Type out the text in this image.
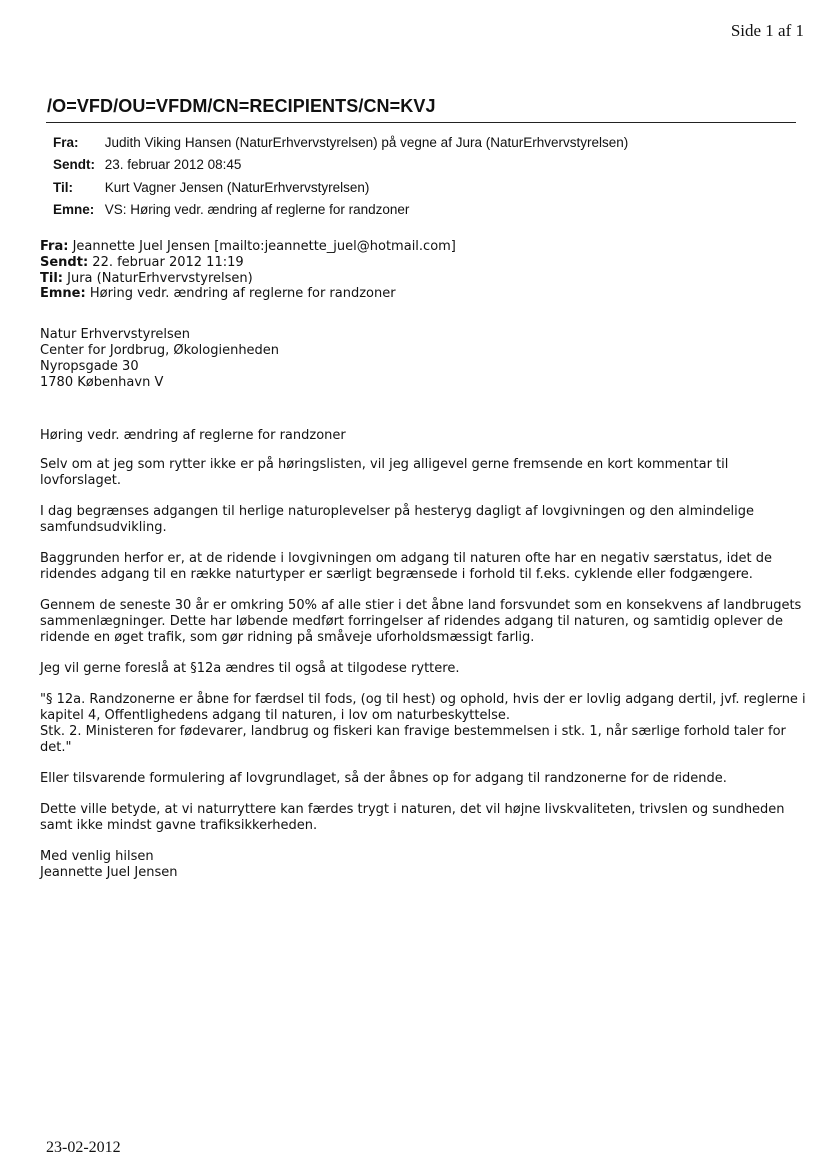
Side 1 af 1
/O=VFD/OU=VFDM/CN=RECIPIENTS/CN=KVJ
Fra: Judith Viking Hansen (NaturErhvervstyrelsen) på vegne af Jura (NaturErhvervstyrelsen)
Sendt: 23. februar 2012 08:45
Til: Kurt Vagner Jensen (NaturErhvervstyrelsen)
Emne: VS: Høring vedr. ændring af reglerne for randzoner
Fra: Jeannette Juel Jensen [mailto:jeannette_juel@hotmail.com]
Sendt: 22. februar 2012 11:19
Til: Jura (NaturErhvervstyrelsen)
Emne: Høring vedr. ændring af reglerne for randzoner
Natur Erhvervstyrelsen
Center for Jordbrug, Økologienheden
Nyropsgade 30
1780 København V

Høring vedr. ændring af reglerne for randzoner

Selv om at jeg som rytter ikke er på høringslisten, vil jeg alligevel gerne fremsende en kort kommentar til lovforslaget.

I dag begrænses adgangen til herlige naturoplevelser på hesteryg dagligt af lovgivningen og den almindelige samfundsudvikling.

Baggrunden herfor er, at de ridende i lovgivningen om adgang til naturen ofte har en negativ særstatus, idet de ridendes adgang til en række naturtyper er særligt begrænsede i forhold til f.eks. cyklende eller fodgængere.

Gennem de seneste 30 år er omkring 50% af alle stier i det åbne land forsvundet som en konsekvens af landbrugets sammenlægninger. Dette har løbende medført forringelser af ridendes adgang til naturen, og samtidig oplever de ridende en øget trafik, som gør ridning på småveje uforholdsmæssigt farlig.

Jeg vil gerne foreslå at §12a ændres til også at tilgodese ryttere.

"§ 12a. Randzonerne er åbne for færdsel til fods, (og til hest) og ophold, hvis der er lovlig adgang dertil, jvf. reglerne i kapitel 4, Offentlighedens adgang til naturen, i lov om naturbeskyttelse.

Stk. 2. Ministeren for fødevarer, landbrug og fiskeri kan fravige bestemmelsen i stk. 1, når særlige forhold taler for det."

Eller tilsvarende formulering af lovgrundlaget, så der åbnes op for adgang til randzonerne for de ridende.

Dette ville betyde, at vi naturryttere kan færdes trygt i naturen, det vil højne livskvaliteten, trivslen og sundheden samt ikke mindst gavne trafiksikkerheden.

Med venlig hilsen
Jeannette Juel Jensen
23-02-2012
